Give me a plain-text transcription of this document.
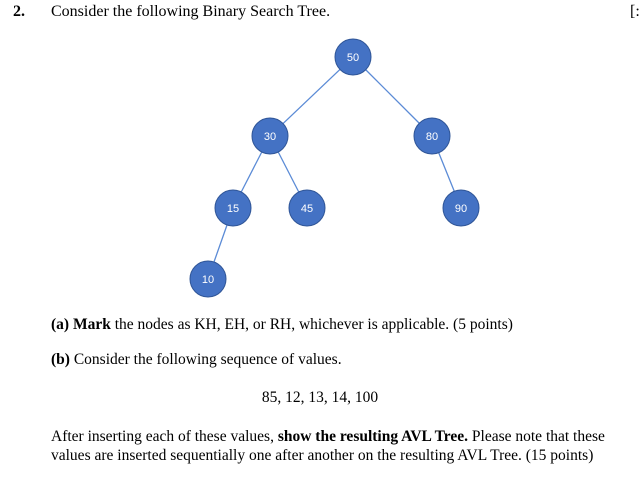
2. Consider the following Binary Search Tree.	[:
50
30	80
15	45	90
10
(a) Mark the nodes as KH, EH, or RH, whichever is applicable. (5 points)
(b) Consider the following sequence of values.
85, 12, 13, 14, 100
After inserting each of these values, show the resulting AVL Tree. Please note that these
values are inserted sequentially one after another on the resulting AVL Tree. (15 points)
